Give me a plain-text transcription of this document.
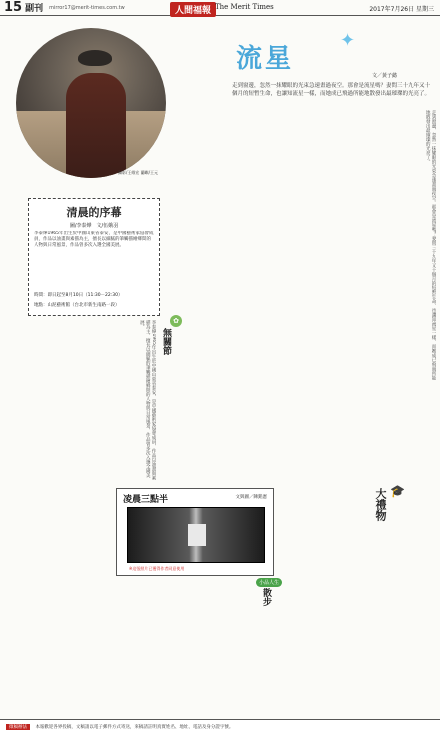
15 副刊 mirror17@merit-times.com.tw	人間福報 The Merit Times	2017年7月26日 星期三
攝影/王維宏 蘭嶼/王元
清晨的序幕
圖/李泰燁　文/伍娥羽
李泰燁1965年出生於中國山東省泰安，是中國藝術家協會成員，作品以油畫與素描為主，擅長以細膩的筆觸描繪鄉間的人物與日常風景，作品曾多次入選全國美展。
時間：即日起至8月10日（11:30－22:30）
地點：山泥藝術館（台北市新生南路一段）
流星
✦
文／黃子懿
走到窗邊，忽然一抹耀眼的光束急速畫過夜空。那會是流星嗎？妻問三十九年又十個月的短暫生命，也讓知流星一樣，而她成已飛過所能地散發出最璀璨的光亮了。
走到窗邊，忽然一抹耀眼的光束急速畫過夜空。那會是流星嗎？妻問三十九年又十個月的短暫生命，也讓知流星一樣，而她成已飛過所能地散發出最璀璨的光亮了。
李泰燁1965年出生於中國山東省泰安，是中國藝術家協會成員，作品以油畫與素描為主，擅長以細膩的筆觸描繪鄉間的人物與日常風景，作品曾多次入選全國美展。	✿
無關節
🎓
大禮物
凌晨三點半	文與圖／陳銘憲
※這張照片已獲得作者同意使用
小品人生
散步
徵稿辦法 本報歡迎各界投稿，文稿請以電子郵件方式寄送，來稿請註明真實姓名、地址、電話及身分證字號。
